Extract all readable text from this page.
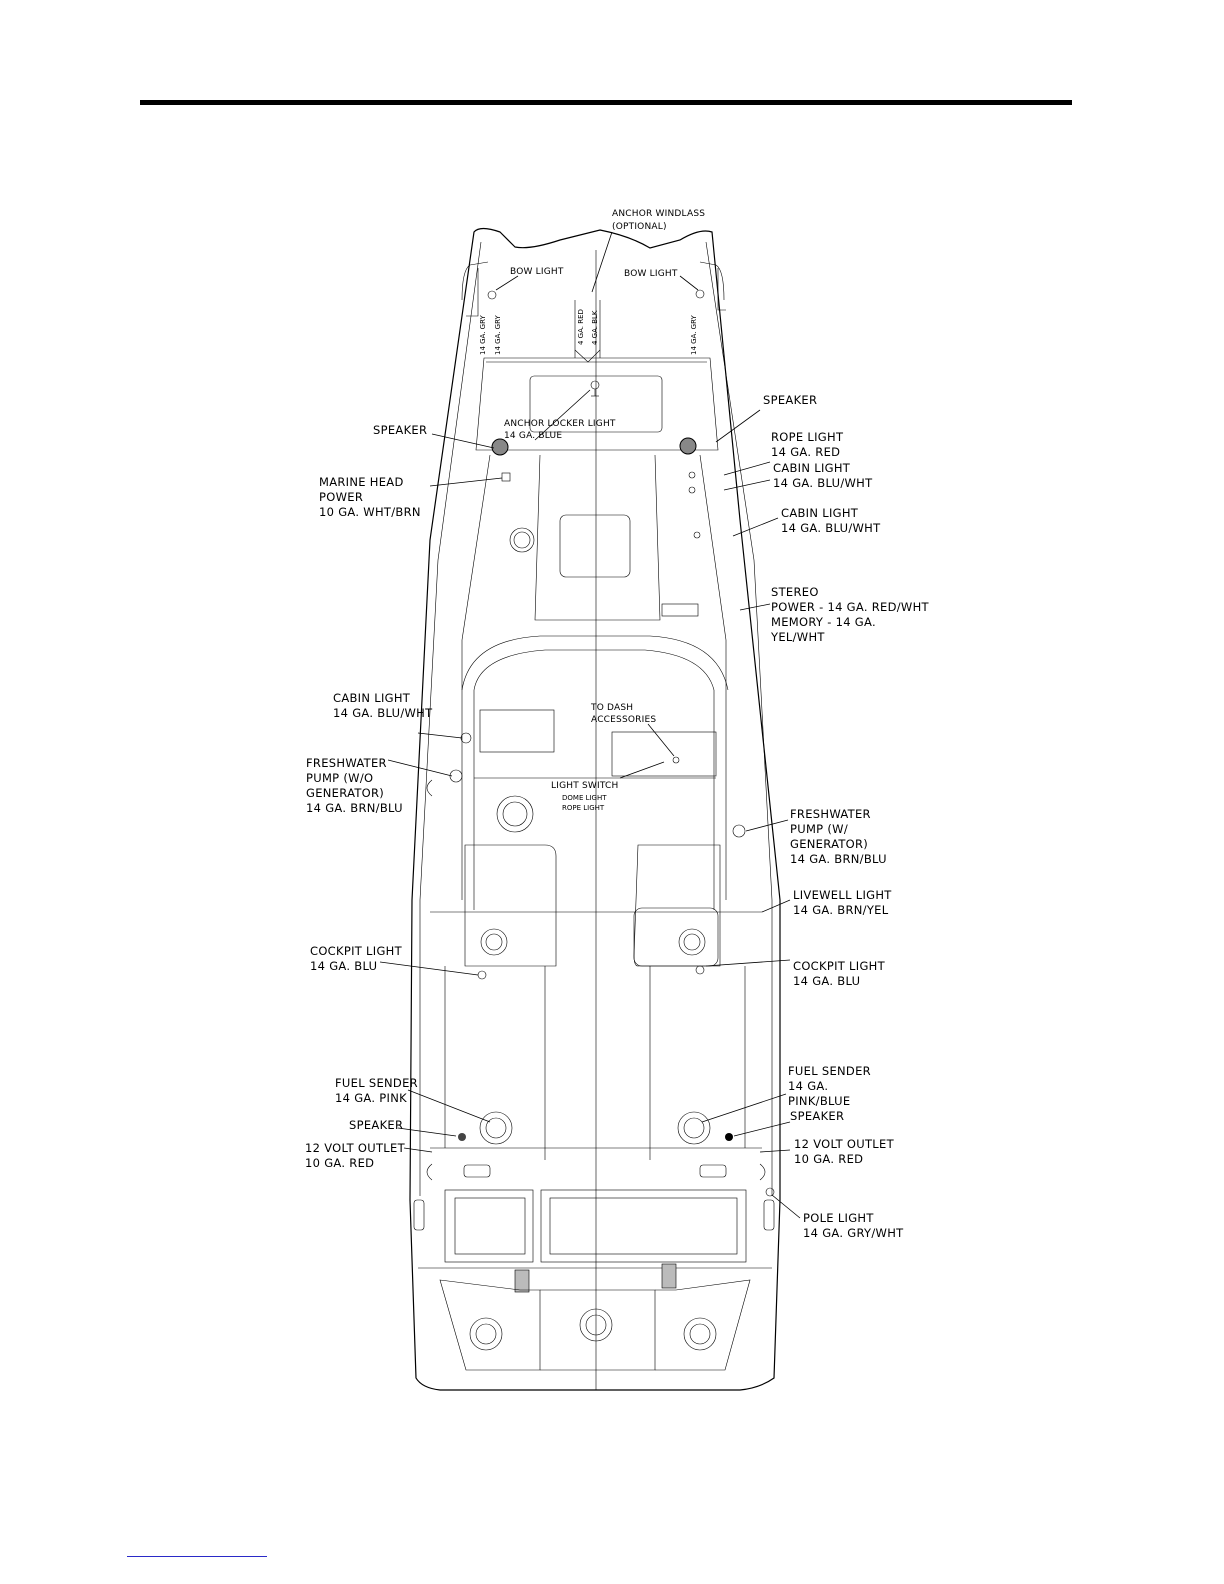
ANCHOR WINDLASS
(OPTIONAL)
BOW LIGHT	BOW LIGHT
14 GA. GRY 14 GA. GRY	4 GA. RED 4 GA. BLK	14 GA. GRY
ANCHOR LOCKER LIGHT
14 GA. BLUE
SPEAKER
SPEAKER
MARINE HEAD
POWER
10 GA. WHT/BRN
ROPE LIGHT
14 GA. RED
CABIN LIGHT
14 GA. BLU/WHT
CABIN LIGHT
14 GA. BLU/WHT
STEREO
POWER - 14 GA. RED/WHT
MEMORY - 14 GA.
YEL/WHT
CABIN LIGHT
14 GA. BLU/WHT	TO DASH
ACCESSORIES
LIGHT SWITCH
DOME LIGHT
ROPE LIGHT
FRESHWATER
PUMP (W/O
GENERATOR)
14 GA. BRN/BLU	FRESHWATER
PUMP (W/
GENERATOR)
14 GA. BRN/BLU
LIVEWELL LIGHT
14 GA. BRN/YEL
COCKPIT LIGHT
14 GA. BLU	COCKPIT LIGHT
14 GA. BLU
FUEL SENDER
14 GA. PINK
FUEL SENDER
14 GA.
PINK/BLUE
SPEAKER
SPEAKER
12 VOLT OUTLET
10 GA. RED
12 VOLT OUTLET
10 GA. RED
POLE LIGHT
14 GA. GRY/WHT
